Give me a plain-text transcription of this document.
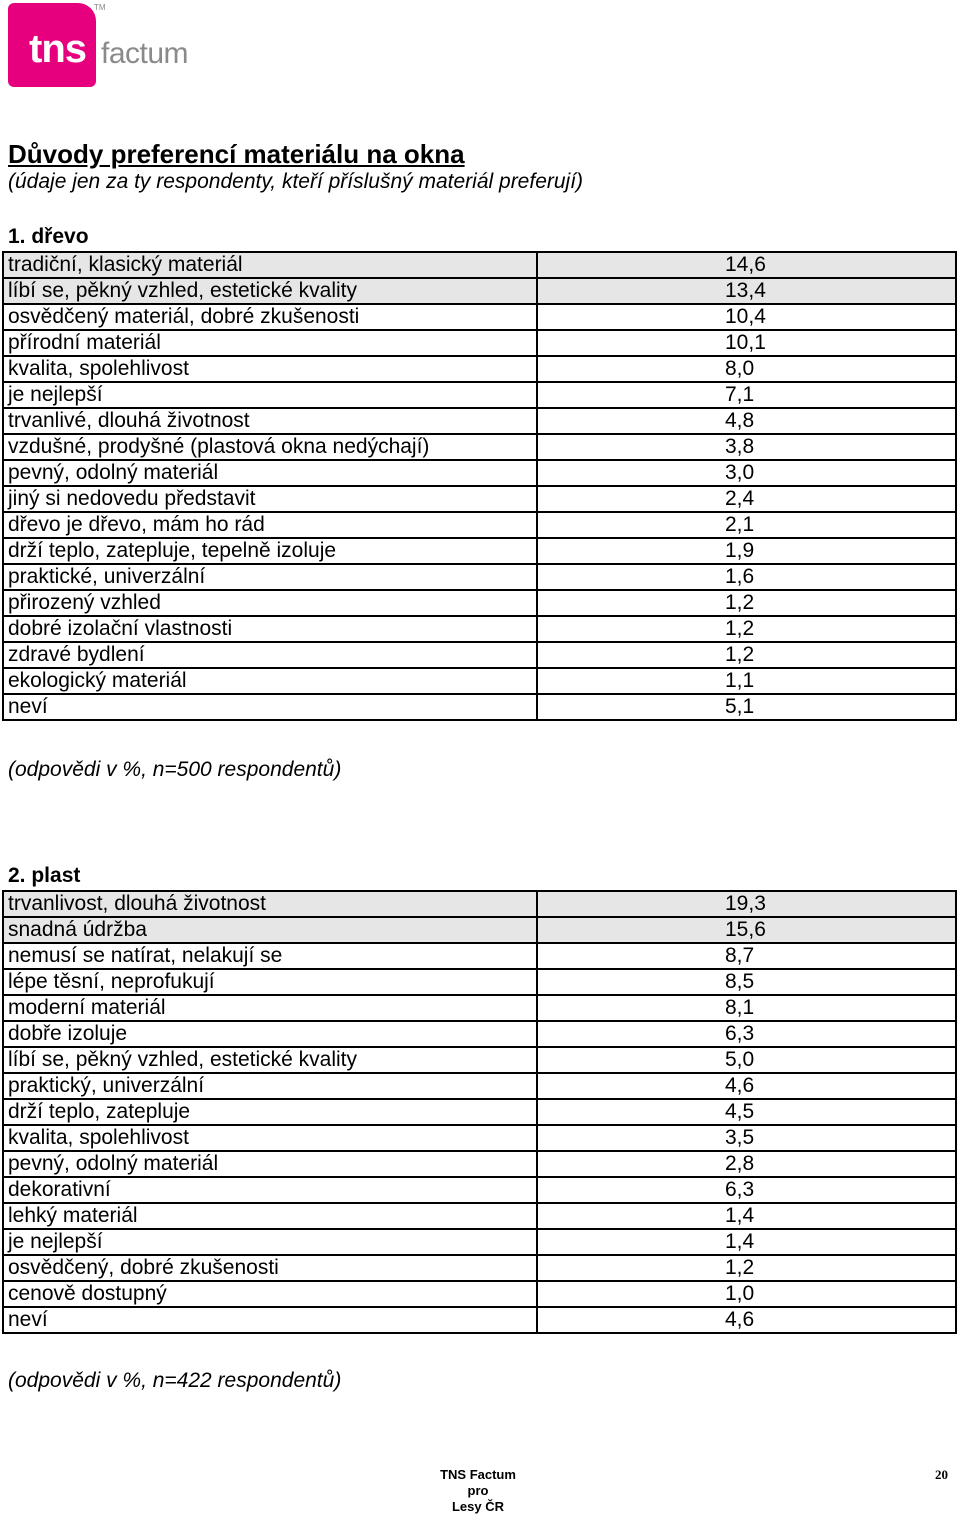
tns
TM
factum
Důvody preferencí materiálu na okna
(údaje jen za ty respondenty, kteří příslušný materiál preferují)
1. dřevo
tradiční, klasický materiál	14,6
líbí se, pěkný vzhled, estetické kvality	13,4
osvědčený materiál, dobré zkušenosti	10,4
přírodní materiál	10,1
kvalita, spolehlivost	8,0
je nejlepší	7,1
trvanlivé, dlouhá životnost	4,8
vzdušné, prodyšné (plastová okna nedýchají)	3,8
pevný, odolný materiál	3,0
jiný si nedovedu představit	2,4
dřevo je dřevo, mám ho rád	2,1
drží teplo, zatepluje, tepelně izoluje	1,9
praktické, univerzální	1,6
přirozený vzhled	1,2
dobré izolační vlastnosti	1,2
zdravé bydlení	1,2
ekologický materiál	1,1
neví	5,1
(odpovědi v %, n=500 respondentů)
2. plast
trvanlivost, dlouhá životnost	19,3
snadná údržba	15,6
nemusí se natírat, nelakují se	8,7
lépe těsní, neprofukují	8,5
moderní materiál	8,1
dobře izoluje	6,3
líbí se, pěkný vzhled, estetické kvality	5,0
praktický, univerzální	4,6
drží teplo, zatepluje	4,5
kvalita, spolehlivost	3,5
pevný, odolný materiál	2,8
dekorativní	6,3
lehký materiál	1,4
je nejlepší	1,4
osvědčený, dobré zkušenosti	1,2
cenově dostupný	1,0
neví	4,6
(odpovědi v %, n=422 respondentů)
TNS Factum
pro
Lesy ČR
20
